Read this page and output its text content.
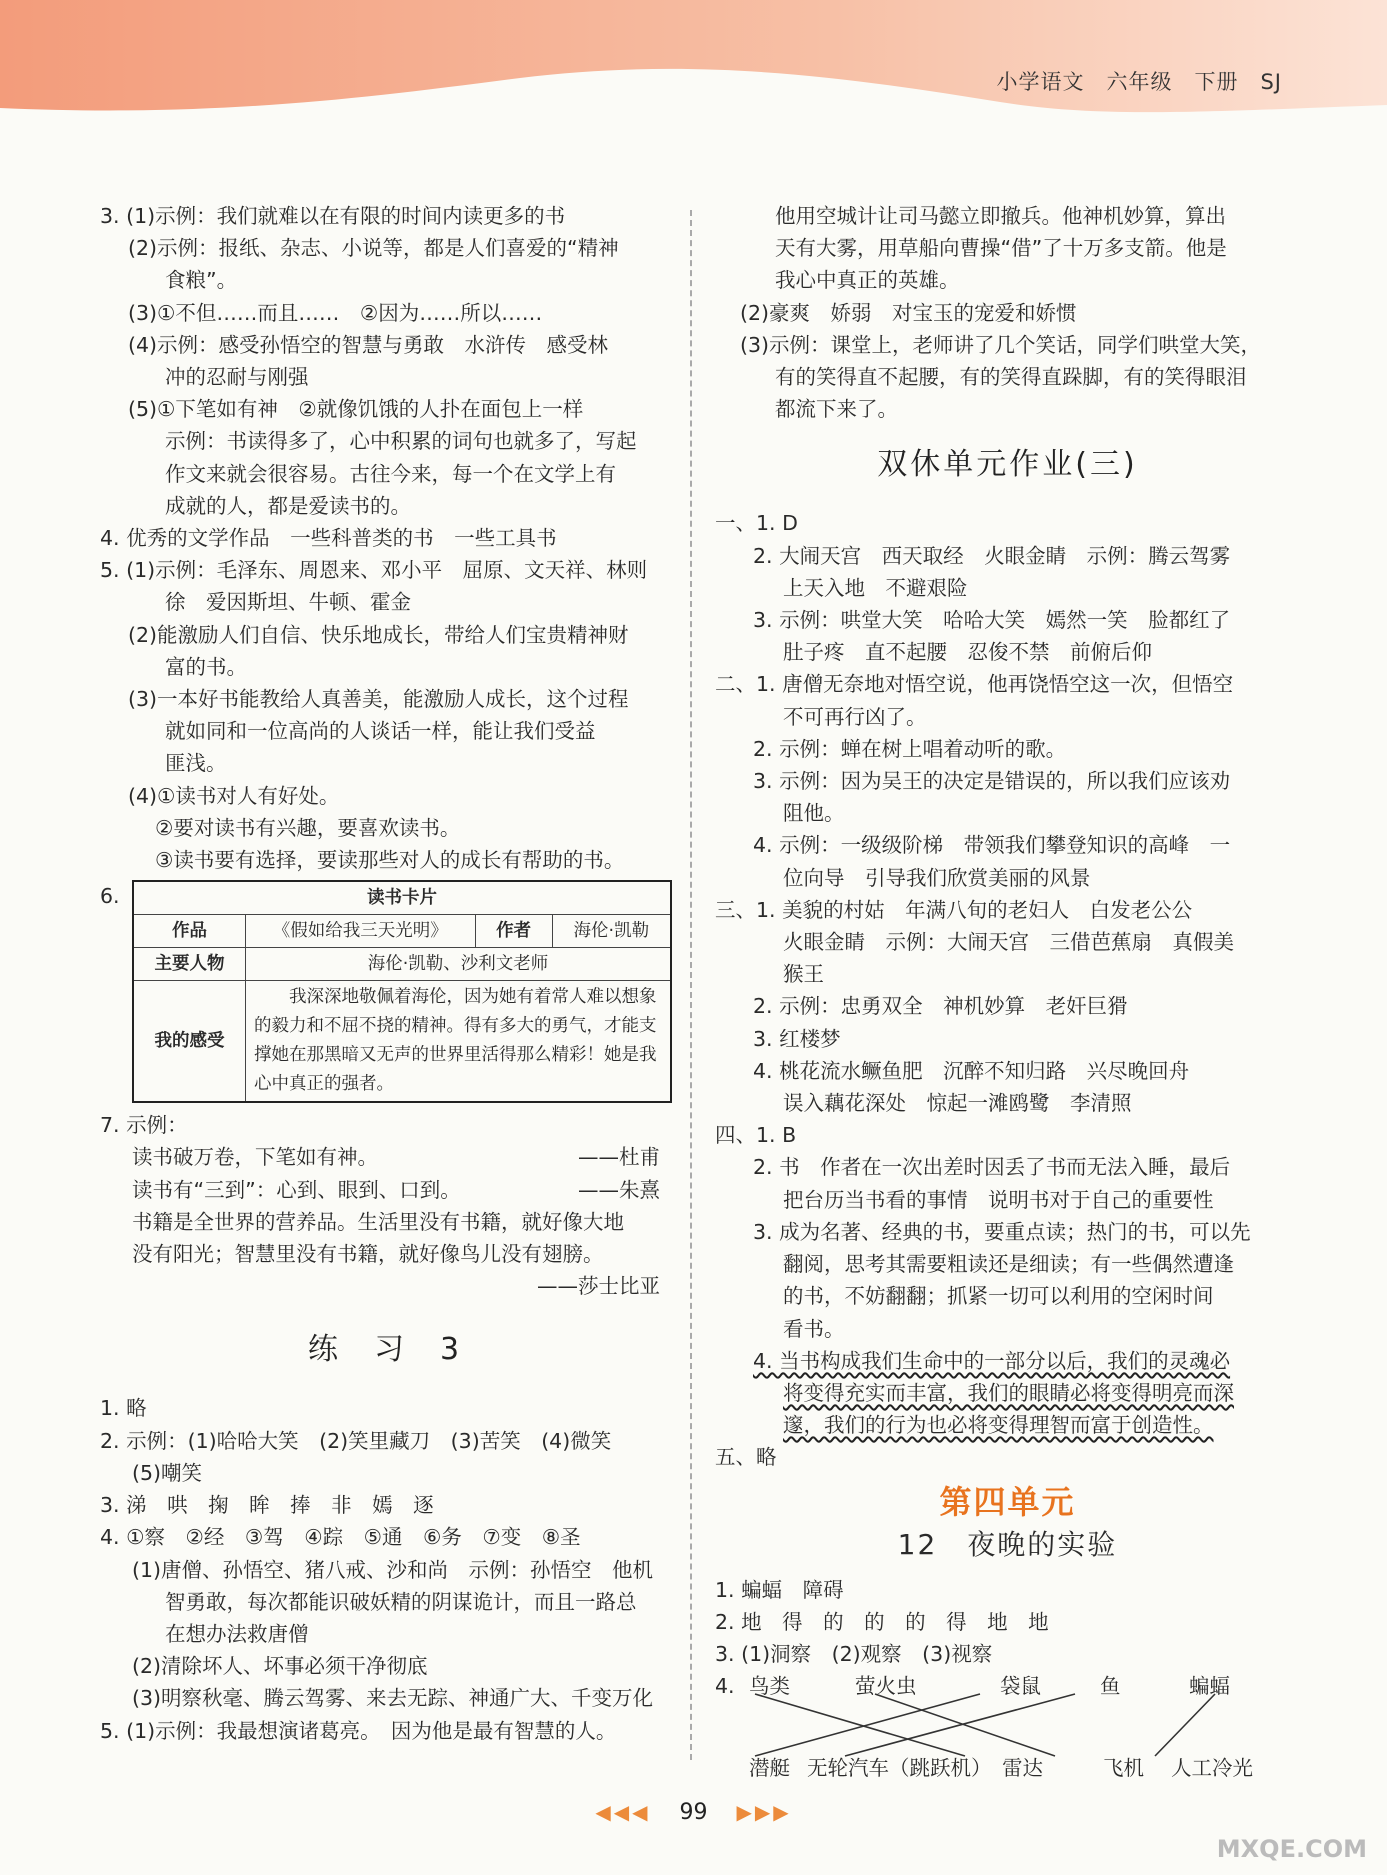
小学语文 六年级 下册 SJ
3. (1)示例：我们就难以在有限的时间内读更多的书
(2)示例：报纸、杂志、小说等，都是人们喜爱的“精神
食粮”。
(3)①不但……而且……　②因为……所以……
(4)示例：感受孙悟空的智慧与勇敢　水浒传　感受林
冲的忍耐与刚强
(5)①下笔如有神　②就像饥饿的人扑在面包上一样
示例：书读得多了，心中积累的词句也就多了，写起
作文来就会很容易。古往今来，每一个在文学上有
成就的人，都是爱读书的。
4. 优秀的文学作品　一些科普类的书　一些工具书
5. (1)示例：毛泽东、周恩来、邓小平　屈原、文天祥、林则
徐　爱因斯坦、牛顿、霍金
(2)能激励人们自信、快乐地成长，带给人们宝贵精神财
富的书。
(3)一本好书能教给人真善美，能激励人成长，这个过程
就如同和一位高尚的人谈话一样，能让我们受益
匪浅。
(4)①读书对人有好处。
②要对读书有兴趣，要喜欢读书。
③读书要有选择，要读那些对人的成长有帮助的书。
6.	读书卡片			
作品	《假如给我三天光明》	作者	海伦·凯勒
主要人物	海伦·凯勒、沙利文老师		
我的感受	我深深地敬佩着海伦，因为她有着常人难以想象的毅力和不屈不挠的精神。得有多大的勇气，才能支撑她在那黑暗又无声的世界里活得那么精彩！她是我心中真正的强者。		
7. 示例：
读书破万卷，下笔如有神。	——杜甫
读书有“三到”：心到、眼到、口到。	——朱熹
书籍是全世界的营养品。生活里没有书籍，就好像大地
没有阳光；智慧里没有书籍，就好像鸟儿没有翅膀。
——莎士比亚
练　习　3
1. 略
2. 示例：(1)哈哈大笑　(2)笑里藏刀　(3)苦笑　(4)微笑
(5)嘲笑
3. 涕　哄　掬　眸　捧　非　嫣　逐
4. ①察　②经　③驾　④踪　⑤通　⑥务　⑦变　⑧圣
(1)唐僧、孙悟空、猪八戒、沙和尚　示例：孙悟空　他机
智勇敢，每次都能识破妖精的阴谋诡计，而且一路总
在想办法救唐僧
(2)清除坏人、坏事必须干净彻底
(3)明察秋毫、腾云驾雾、来去无踪、神通广大、千变万化
5. (1)示例：我最想演诸葛亮。　因为他是最有智慧的人。
他用空城计让司马懿立即撤兵。他神机妙算，算出
天有大雾，用草船向曹操“借”了十万多支箭。他是
我心中真正的英雄。
(2)豪爽　娇弱　对宝玉的宠爱和娇惯
(3)示例：课堂上，老师讲了几个笑话，同学们哄堂大笑，
有的笑得直不起腰，有的笑得直跺脚，有的笑得眼泪
都流下来了。
双休单元作业(三)
一、1. D
2. 大闹天宫　西天取经　火眼金睛　示例：腾云驾雾
上天入地　不避艰险
3. 示例：哄堂大笑　哈哈大笑　嫣然一笑　脸都红了
肚子疼　直不起腰　忍俊不禁　前俯后仰
二、1. 唐僧无奈地对悟空说，他再饶悟空这一次，但悟空
不可再行凶了。
2. 示例：蝉在树上唱着动听的歌。
3. 示例：因为吴王的决定是错误的，所以我们应该劝
阻他。
4. 示例：一级级阶梯　带领我们攀登知识的高峰　一
位向导　引导我们欣赏美丽的风景
三、1. 美貌的村姑　年满八旬的老妇人　白发老公公
火眼金睛　示例：大闹天宫　三借芭蕉扇　真假美
猴王
2. 示例：忠勇双全　神机妙算　老奸巨猾
3. 红楼梦
4. 桃花流水鳜鱼肥　沉醉不知归路　兴尽晚回舟
误入藕花深处　惊起一滩鸥鹭　李清照
四、1. B
2. 书　作者在一次出差时因丢了书而无法入睡，最后
把台历当书看的事情　说明书对于自己的重要性
3. 成为名著、经典的书，要重点读；热门的书，可以先
翻阅，思考其需要粗读还是细读；有一些偶然遭逢
的书，不妨翻翻；抓紧一切可以利用的空闲时间
看书。
4. 当书构成我们生命中的一部分以后，我们的灵魂必
将变得充实而丰富，我们的眼睛必将变得明亮而深
邃，我们的行为也必将变得理智而富于创造性。
五、略
第四单元
12　夜晚的实验
1. 蝙蝠　障碍
2. 地　得　的　的　的　得　地　地
3. (1)洞察　(2)观察　(3)视察
4. 鸟类	萤火虫	袋鼠	鱼	蝙蝠
潜艇 无轮汽车（跳跃机） 雷达	飞机 人工冷光
◀◀◀ 99 ▶▶▶
MXQE.COM
